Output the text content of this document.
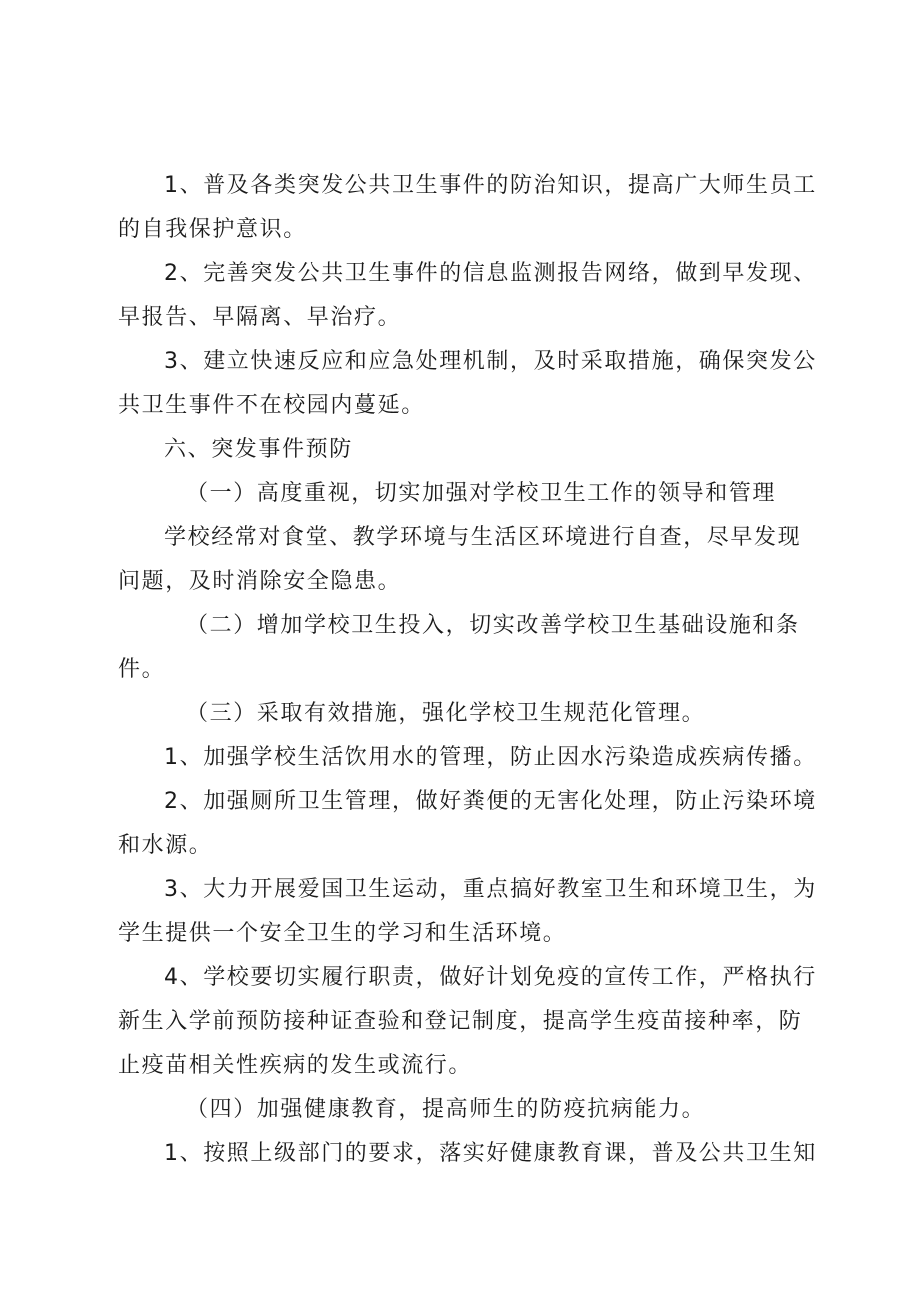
1、普及各类突发公共卫生事件的防治知识，提高广大师生员工的自我保护意识。

2、完善突发公共卫生事件的信息监测报告网络，做到早发现、早报告、早隔离、早治疗。

3、建立快速反应和应急处理机制，及时采取措施，确保突发公共卫生事件不在校园内蔓延。

六、突发事件预防

（一）高度重视，切实加强对学校卫生工作的领导和管理

学校经常对食堂、教学环境与生活区环境进行自查，尽早发现问题，及时消除安全隐患。

（二）增加学校卫生投入，切实改善学校卫生基础设施和条件。

（三）采取有效措施，强化学校卫生规范化管理。

1、加强学校生活饮用水的管理，防止因水污染造成疾病传播。

2、加强厕所卫生管理，做好粪便的无害化处理，防止污染环境和水源。

3、大力开展爱国卫生运动，重点搞好教室卫生和环境卫生，为学生提供一个安全卫生的学习和生活环境。

4、学校要切实履行职责，做好计划免疫的宣传工作，严格执行新生入学前预防接种证查验和登记制度，提高学生疫苗接种率，防止疫苗相关性疾病的发生或流行。

（四）加强健康教育，提高师生的防疫抗病能力。

1、按照上级部门的要求，落实好健康教育课，普及公共卫生知
